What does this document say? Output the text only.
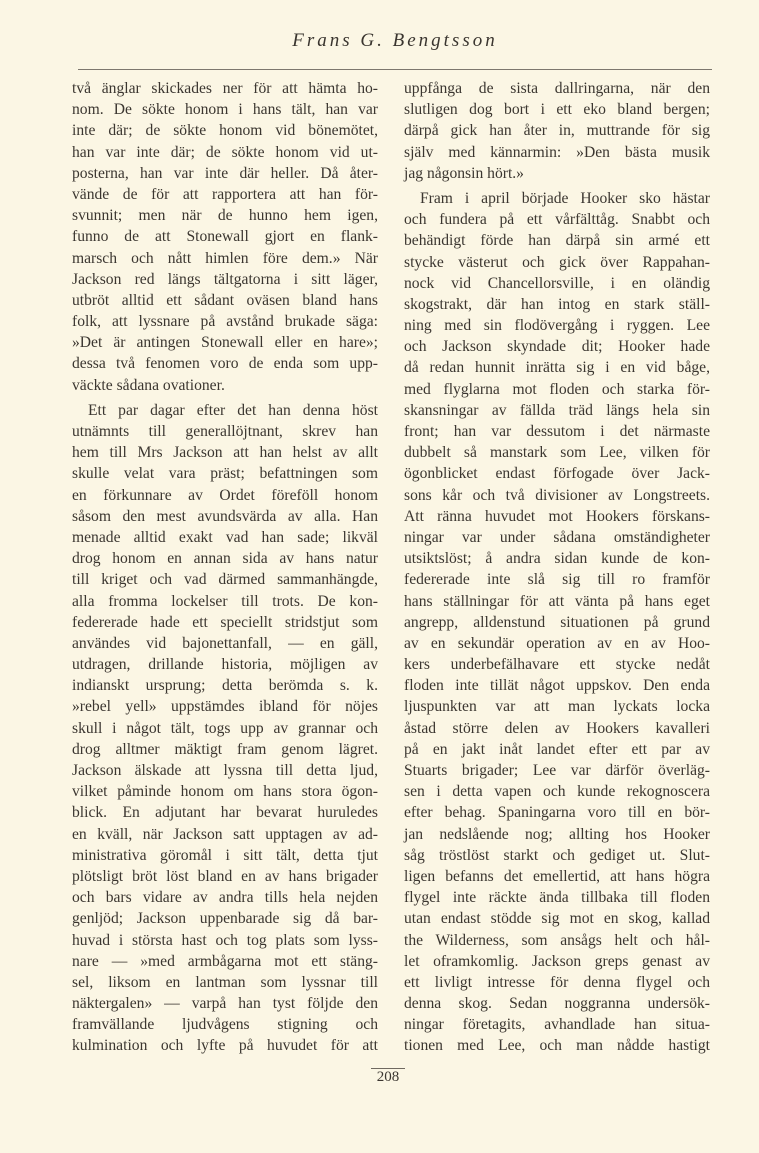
Frans G. Bengtsson
två änglar skickades ner för att hämta ho-
nom. De sökte honom i hans tält, han var
inte där; de sökte honom vid bönemötet,
han var inte där; de sökte honom vid ut-
posterna, han var inte där heller. Då åter-
vände de för att rapportera att han för-
svunnit; men när de hunno hem igen,
funno de att Stonewall gjort en flank-
marsch och nått himlen före dem.» När
Jackson red längs tältgatorna i sitt läger,
utbröt alltid ett sådant oväsen bland hans
folk, att lyssnare på avstånd brukade säga:
»Det är antingen Stonewall eller en hare»;
dessa två fenomen voro de enda som upp-
väckte sådana ovationer.
Ett par dagar efter det han denna höst
utnämnts till generallöjtnant, skrev han
hem till Mrs Jackson att han helst av allt
skulle velat vara präst; befattningen som
en förkunnare av Ordet föreföll honom
såsom den mest avundsvärda av alla. Han
menade alltid exakt vad han sade; likväl
drog honom en annan sida av hans natur
till kriget och vad därmed sammanhängde,
alla fromma lockelser till trots. De kon-
federerade hade ett speciellt stridstjut som
användes vid bajonettanfall, — en gäll,
utdragen, drillande historia, möjligen av
indianskt ursprung; detta berömda s. k.
»rebel yell» uppstämdes ibland för nöjes
skull i något tält, togs upp av grannar och
drog alltmer mäktigt fram genom lägret.
Jackson älskade att lyssna till detta ljud,
vilket påminde honom om hans stora ögon-
blick. En adjutant har bevarat huruledes
en kväll, när Jackson satt upptagen av ad-
ministrativa göromål i sitt tält, detta tjut
plötsligt bröt löst bland en av hans brigader
och bars vidare av andra tills hela nejden
genljöd; Jackson uppenbarade sig då bar-
huvad i största hast och tog plats som lyss-
nare — »med armbågarna mot ett stäng-
sel, liksom en lantman som lyssnar till
näktergalen» — varpå han tyst följde den
framvällande ljudvågens stigning och
kulmination och lyfte på huvudet för att
uppfånga de sista dallringarna, när den
slutligen dog bort i ett eko bland bergen;
därpå gick han åter in, muttrande för sig
själv med kännarmin: »Den bästa musik
jag någonsin hört.»
Fram i april började Hooker sko hästar
och fundera på ett vårfälttåg. Snabbt och
behändigt förde han därpå sin armé ett
stycke västerut och gick över Rappahan-
nock vid Chancellorsville, i en oländig
skogstrakt, där han intog en stark ställ-
ning med sin flodövergång i ryggen. Lee
och Jackson skyndade dit; Hooker hade
då redan hunnit inrätta sig i en vid båge,
med flyglarna mot floden och starka för-
skansningar av fällda träd längs hela sin
front; han var dessutom i det närmaste
dubbelt så manstark som Lee, vilken för
ögonblicket endast förfogade över Jack-
sons kår och två divisioner av Longstreets.
Att ränna huvudet mot Hookers förskans-
ningar var under sådana omständigheter
utsiktslöst; å andra sidan kunde de kon-
federerade inte slå sig till ro framför
hans ställningar för att vänta på hans eget
angrepp, alldenstund situationen på grund
av en sekundär operation av en av Hoo-
kers underbefälhavare ett stycke nedåt
floden inte tillät något uppskov. Den enda
ljuspunkten var att man lyckats locka
åstad större delen av Hookers kavalleri
på en jakt inåt landet efter ett par av
Stuarts brigader; Lee var därför överläg-
sen i detta vapen och kunde rekognoscera
efter behag. Spaningarna voro till en bör-
jan nedslående nog; allting hos Hooker
såg tröstlöst starkt och gediget ut. Slut-
ligen befanns det emellertid, att hans högra
flygel inte räckte ända tillbaka till floden
utan endast stödde sig mot en skog, kallad
the Wilderness, som ansågs helt och hål-
let oframkomlig. Jackson greps genast av
ett livligt intresse för denna flygel och
denna skog. Sedan noggranna undersök-
ningar företagits, avhandlade han situa-
tionen med Lee, och man nådde hastigt
208
